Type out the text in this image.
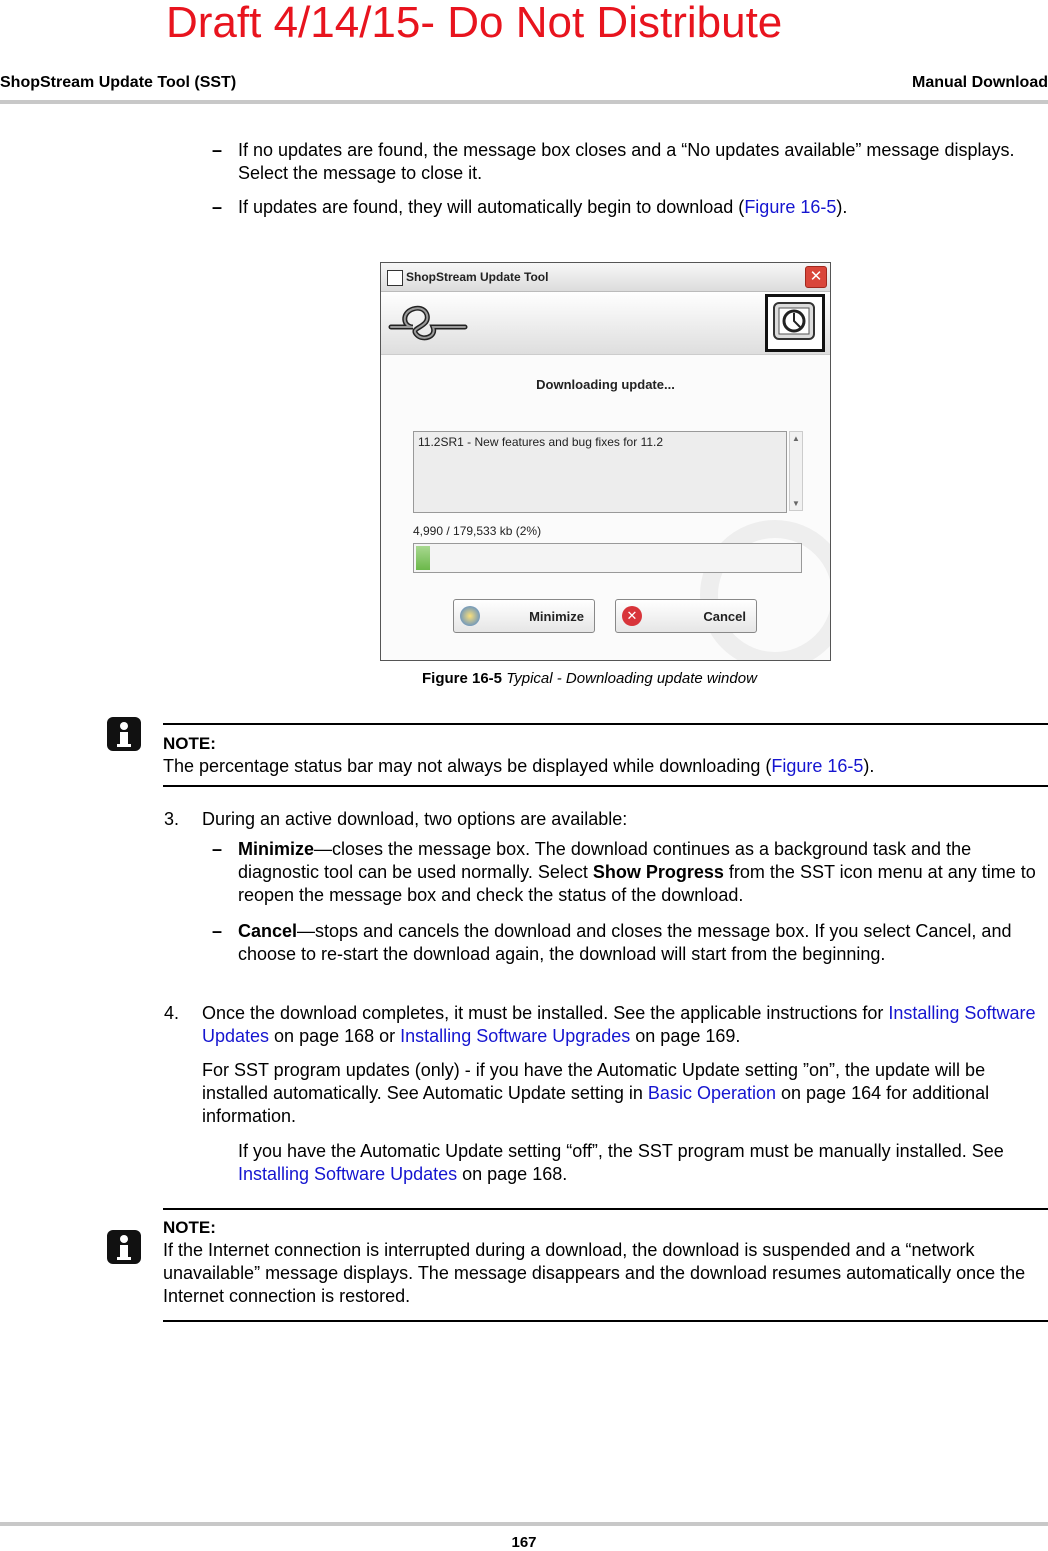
Draft 4/14/15- Do Not Distribute
ShopStream Update Tool (SST)	Manual Download
– If no updates are found, the message box closes and a “No updates available” message displays. Select the message to close it.
– If updates are found, they will automatically begin to download (Figure 16-5).
ShopStream Update Tool	✕
Downloading update...
11.2SR1 - New features and bug fixes for 11.2	▲
▼
4,990 / 179,533 kb (2%)
Minimize	✕	Cancel
Figure 16-5 Typical - Downloading update window
NOTE:
The percentage status bar may not always be displayed while downloading (Figure 16-5).
3. During an active download, two options are available:
– Minimize—closes the message box. The download continues as a background task and the diagnostic tool can be used normally. Select Show Progress from the SST icon menu at any time to reopen the message box and check the status of the download.
– Cancel—stops and cancels the download and closes the message box. If you select Cancel, and choose to re-start the download again, the download will start from the beginning.
4. Once the download completes, it must be installed. See the applicable instructions for Installing Software Updates on page 168 or Installing Software Upgrades on page 169.
For SST program updates (only) - if you have the Automatic Update setting ”on”, the update will be installed automatically. See Automatic Update setting in Basic Operation on page 164 for additional information.
If you have the Automatic Update setting “off”, the SST program must be manually installed. See Installing Software Updates on page 168.
NOTE:
If the Internet connection is interrupted during a download, the download is suspended and a “network unavailable” message displays. The message disappears and the download resumes automatically once the Internet connection is restored.
167
